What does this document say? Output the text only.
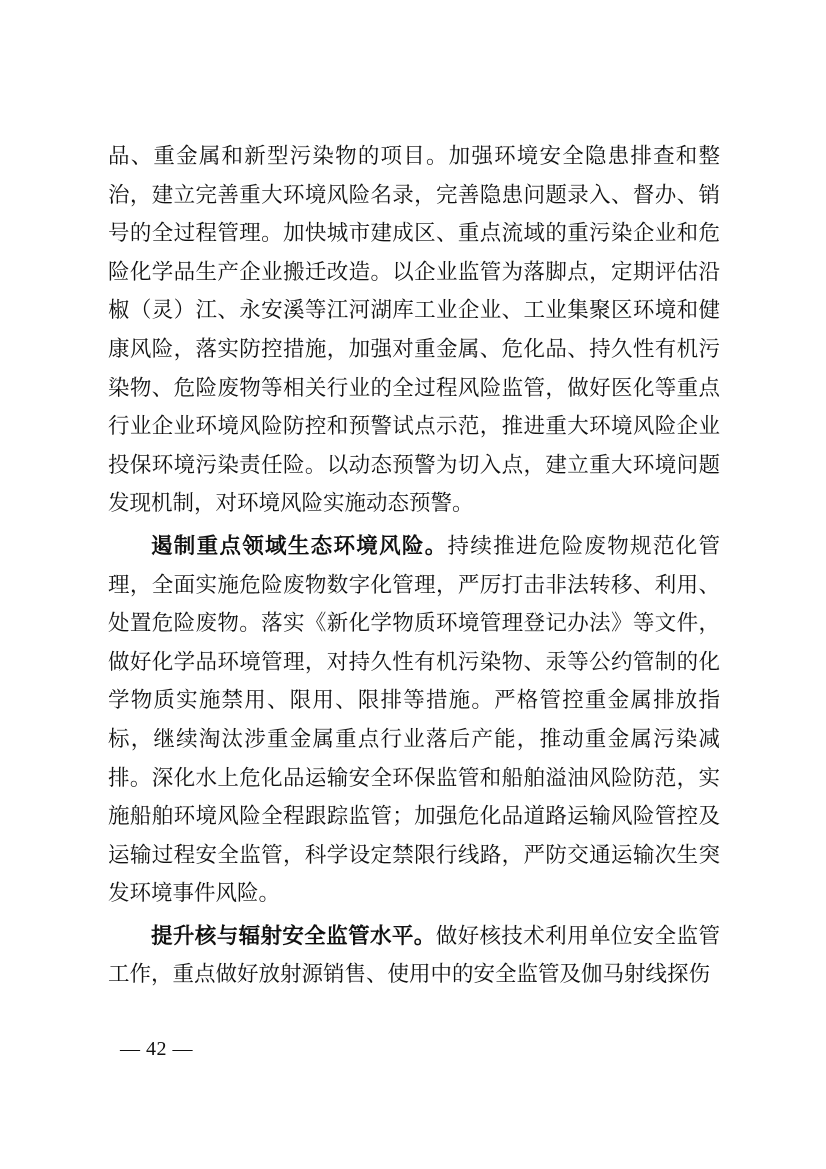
品、重金属和新型污染物的项目。加强环境安全隐患排查和整治，建立完善重大环境风险名录，完善隐患问题录入、督办、销号的全过程管理。加快城市建成区、重点流域的重污染企业和危险化学品生产企业搬迁改造。以企业监管为落脚点，定期评估沿椒（灵）江、永安溪等江河湖库工业企业、工业集聚区环境和健康风险，落实防控措施，加强对重金属、危化品、持久性有机污染物、危险废物等相关行业的全过程风险监管，做好医化等重点行业企业环境风险防控和预警试点示范，推进重大环境风险企业投保环境污染责任险。以动态预警为切入点，建立重大环境问题发现机制，对环境风险实施动态预警。

遏制重点领域生态环境风险。持续推进危险废物规范化管理，全面实施危险废物数字化管理，严厉打击非法转移、利用、处置危险废物。落实《新化学物质环境管理登记办法》等文件，做好化学品环境管理，对持久性有机污染物、汞等公约管制的化学物质实施禁用、限用、限排等措施。严格管控重金属排放指标，继续淘汰涉重金属重点行业落后产能，推动重金属污染减排。深化水上危化品运输安全环保监管和船舶溢油风险防范，实施船舶环境风险全程跟踪监管；加强危化品道路运输风险管控及运输过程安全监管，科学设定禁限行线路，严防交通运输次生突发环境事件风险。

提升核与辐射安全监管水平。做好核技术利用单位安全监管工作，重点做好放射源销售、使用中的安全监管及伽马射线探伤

— 42 —
